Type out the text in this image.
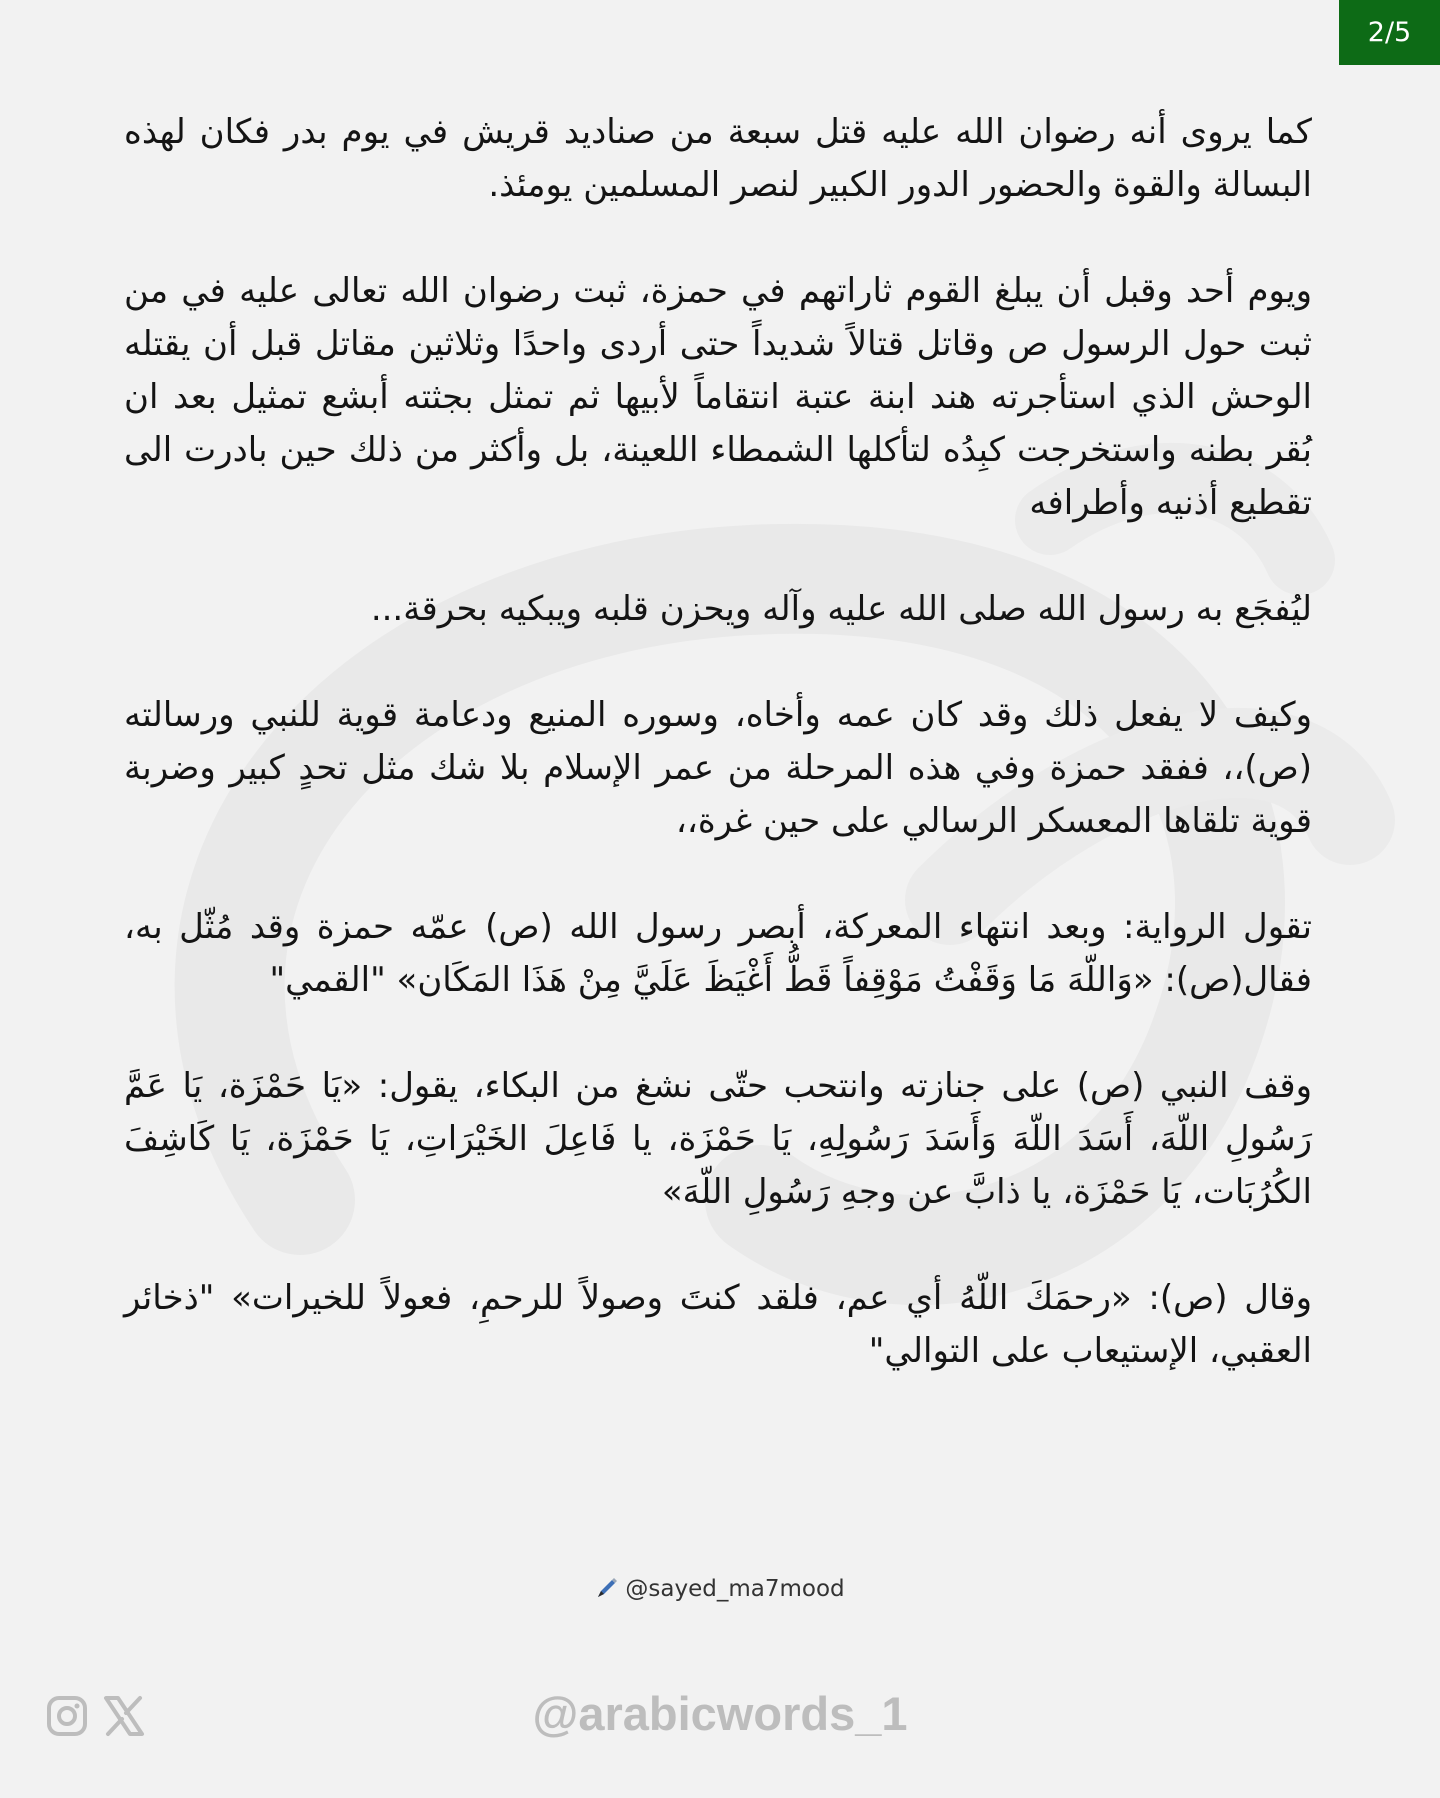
2/5

كما يروى أنه رضوان الله عليه قتل سبعة من صناديد قريش في يوم بدر فكان لهذه البسالة والقوة والحضور الدور الكبير لنصر المسلمين يومئذ.

ويوم أحد وقبل أن يبلغ القوم ثاراتهم في حمزة، ثبت رضوان الله تعالى عليه في من ثبت حول الرسول ص وقاتل قتالاً شديداً حتى أردى واحدًا وثلاثين مقاتل قبل أن يقتله الوحش الذي استأجرته هند ابنة عتبة انتقاماً لأبيها ثم تمثل بجثته أبشع تمثيل بعد ان بُقر بطنه واستخرجت كبِدُه لتأكلها الشمطاء اللعينة، بل وأكثر من ذلك حين بادرت الى تقطيع أذنيه وأطرافه

ليُفجَع به رسول الله صلى الله عليه وآله ويحزن قلبه ويبكيه بحرقة...

وكيف لا يفعل ذلك وقد كان عمه وأخاه، وسوره المنيع ودعامة قوية للنبي ورسالته (ص)،، ففقد حمزة وفي هذه المرحلة من عمر الإسلام بلا شك مثل تحدٍ كبير وضربة قوية تلقاها المعسكر الرسالي على حين غرة،،

تقول الرواية: وبعد انتهاء المعركة، أبصر رسول الله (ص) عمّه حمزة وقد مُثّل به، فقال(ص): «وَاللّهَ مَا وَقَفْتُ مَوْقِفاً قَطُّ أَغْيَظَ عَلَيَّ مِنْ هَذَا المَكَان» "القمي"

وقف النبي (ص) على جنازته وانتحب حتّى نشغ من البكاء، يقول: «يَا حَمْزَة، يَا عَمَّ رَسُولِ اللّهَ، أَسَدَ اللّهَ وَأَسَدَ رَسُولِهِ، يَا حَمْزَة، يا فَاعِلَ الخَيْرَاتِ، يَا حَمْزَة، يَا كَاشِفَ الكُرُبَات، يَا حَمْزَة، يا ذابَّ عن وجهِ رَسُولِ اللّهَ»

وقال (ص): «رحمَكَ اللّهُ أي عم، فلقد كنتَ وصولاً للرحمِ، فعولاً للخيرات» "ذخائر العقبي، الإستيعاب على التوالي"

@sayed_ma7mood
@arabicwords_1
